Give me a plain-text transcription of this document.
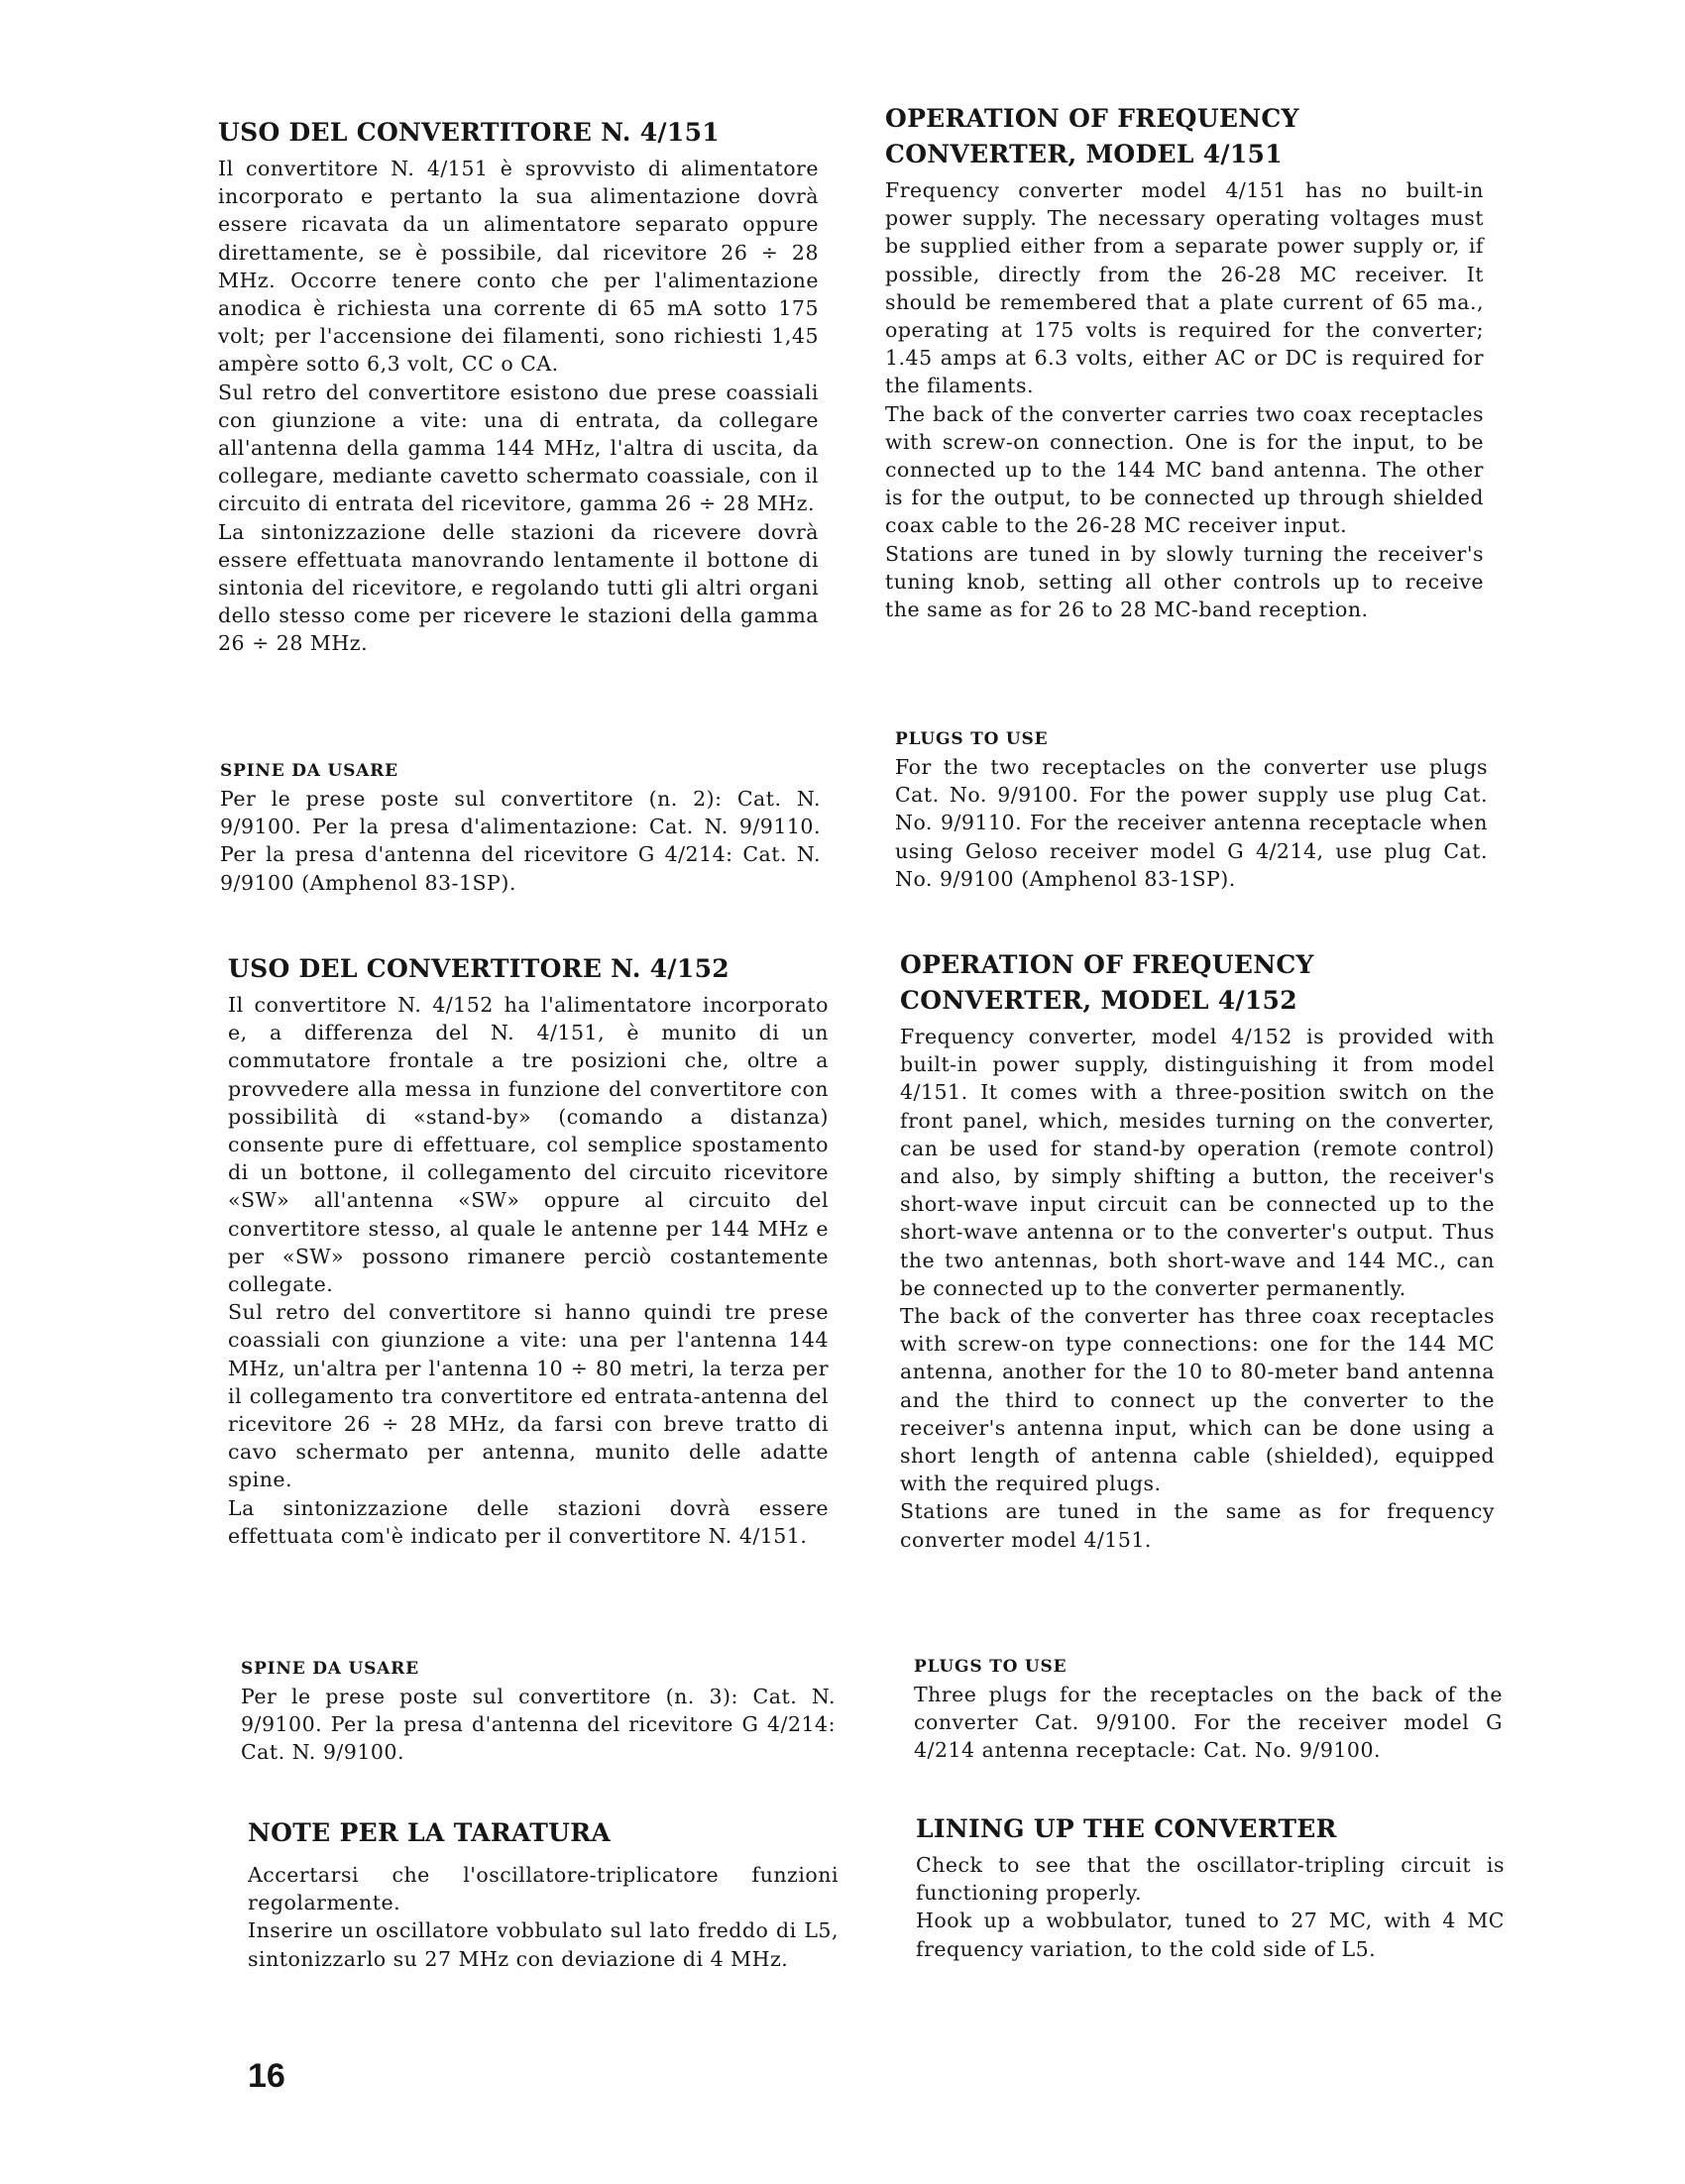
USO DEL CONVERTITORE N. 4/151

Il convertitore N. 4/151 è sprovvisto di alimentatore incorporato e pertanto la sua alimentazione dovrà essere ricavata da un alimentatore separato oppure direttamente, se è possibile, dal ricevitore 26 ÷ 28 MHz. Occorre tenere conto che per l'alimentazione anodica è richiesta una corrente di 65 mA sotto 175 volt; per l'accensione dei filamenti, sono richiesti 1,45 ampère sotto 6,3 volt, CC o CA.

Sul retro del convertitore esistono due prese coassiali con giunzione a vite: una di entrata, da collegare all'antenna della gamma 144 MHz, l'altra di uscita, da collegare, mediante cavetto schermato coassiale, con il circuito di entrata del ricevitore, gamma 26 ÷ 28 MHz.

La sintonizzazione delle stazioni da ricevere dovrà essere effettuata manovrando lentamente il bottone di sintonia del ricevitore, e regolando tutti gli altri organi dello stesso come per ricevere le stazioni della gamma 26 ÷ 28 MHz.

SPINE DA USARE

Per le prese poste sul convertitore (n. 2): Cat. N. 9/9100. Per la presa d'alimentazione: Cat. N. 9/9110. Per la presa d'antenna del ricevitore G 4/214: Cat. N. 9/9100 (Amphenol 83-1SP).

USO DEL CONVERTITORE N. 4/152

Il convertitore N. 4/152 ha l'alimentatore incorporato e, a differenza del N. 4/151, è munito di un commutatore frontale a tre posizioni che, oltre a provvedere alla messa in funzione del convertitore con possibilità di «stand-by» (comando a distanza) consente pure di effettuare, col semplice spostamento di un bottone, il collegamento del circuito ricevitore «SW» all'antenna «SW» oppure al circuito del convertitore stesso, al quale le antenne per 144 MHz e per «SW» possono rimanere perciò costantemente collegate.

Sul retro del convertitore si hanno quindi tre prese coassiali con giunzione a vite: una per l'antenna 144 MHz, un'altra per l'antenna 10 ÷ 80 metri, la terza per il collegamento tra convertitore ed entrata-antenna del ricevitore 26 ÷ 28 MHz, da farsi con breve tratto di cavo schermato per antenna, munito delle adatte spine.

La sintonizzazione delle stazioni dovrà essere effettuata com'è indicato per il convertitore N. 4/151.

SPINE DA USARE

Per le prese poste sul convertitore (n. 3): Cat. N. 9/9100. Per la presa d'antenna del ricevitore G 4/214: Cat. N. 9/9100.

NOTE PER LA TARATURA

Accertarsi che l'oscillatore-triplicatore funzioni regolarmente.

Inserire un oscillatore vobbulato sul lato freddo di L5, sintonizzarlo su 27 MHz con deviazione di 4 MHz.

OPERATION OF FREQUENCY
CONVERTER, MODEL 4/151

Frequency converter model 4/151 has no built-in power supply. The necessary operating voltages must be supplied either from a separate power supply or, if possible, directly from the 26-28 MC receiver. It should be remembered that a plate current of 65 ma., operating at 175 volts is required for the converter; 1.45 amps at 6.3 volts, either AC or DC is required for the filaments.

The back of the converter carries two coax receptacles with screw-on connection. One is for the input, to be connected up to the 144 MC band antenna. The other is for the output, to be connected up through shielded coax cable to the 26-28 MC receiver input.

Stations are tuned in by slowly turning the receiver's tuning knob, setting all other controls up to receive the same as for 26 to 28 MC-band reception.

PLUGS TO USE

For the two receptacles on the converter use plugs Cat. No. 9/9100. For the power supply use plug Cat. No. 9/9110. For the receiver antenna receptacle when using Geloso receiver model G 4/214, use plug Cat. No. 9/9100 (Amphenol 83-1SP).

OPERATION OF FREQUENCY
CONVERTER, MODEL 4/152

Frequency converter, model 4/152 is provided with built-in power supply, distinguishing it from model 4/151. It comes with a three-position switch on the front panel, which, mesides turning on the converter, can be used for stand-by operation (remote control) and also, by simply shifting a button, the receiver's short-wave input circuit can be connected up to the short-wave antenna or to the converter's output. Thus the two antennas, both short-wave and 144 MC., can be connected up to the converter permanently.

The back of the converter has three coax receptacles with screw-on type connections: one for the 144 MC antenna, another for the 10 to 80-meter band antenna and the third to connect up the converter to the receiver's antenna input, which can be done using a short length of antenna cable (shielded), equipped with the required plugs.

Stations are tuned in the same as for frequency converter model 4/151.

PLUGS TO USE

Three plugs for the receptacles on the back of the converter Cat. 9/9100. For the receiver model G 4/214 antenna receptacle: Cat. No. 9/9100.

LINING UP THE CONVERTER

Check to see that the oscillator-tripling circuit is functioning properly.

Hook up a wobbulator, tuned to 27 MC, with 4 MC frequency variation, to the cold side of L5.

16
